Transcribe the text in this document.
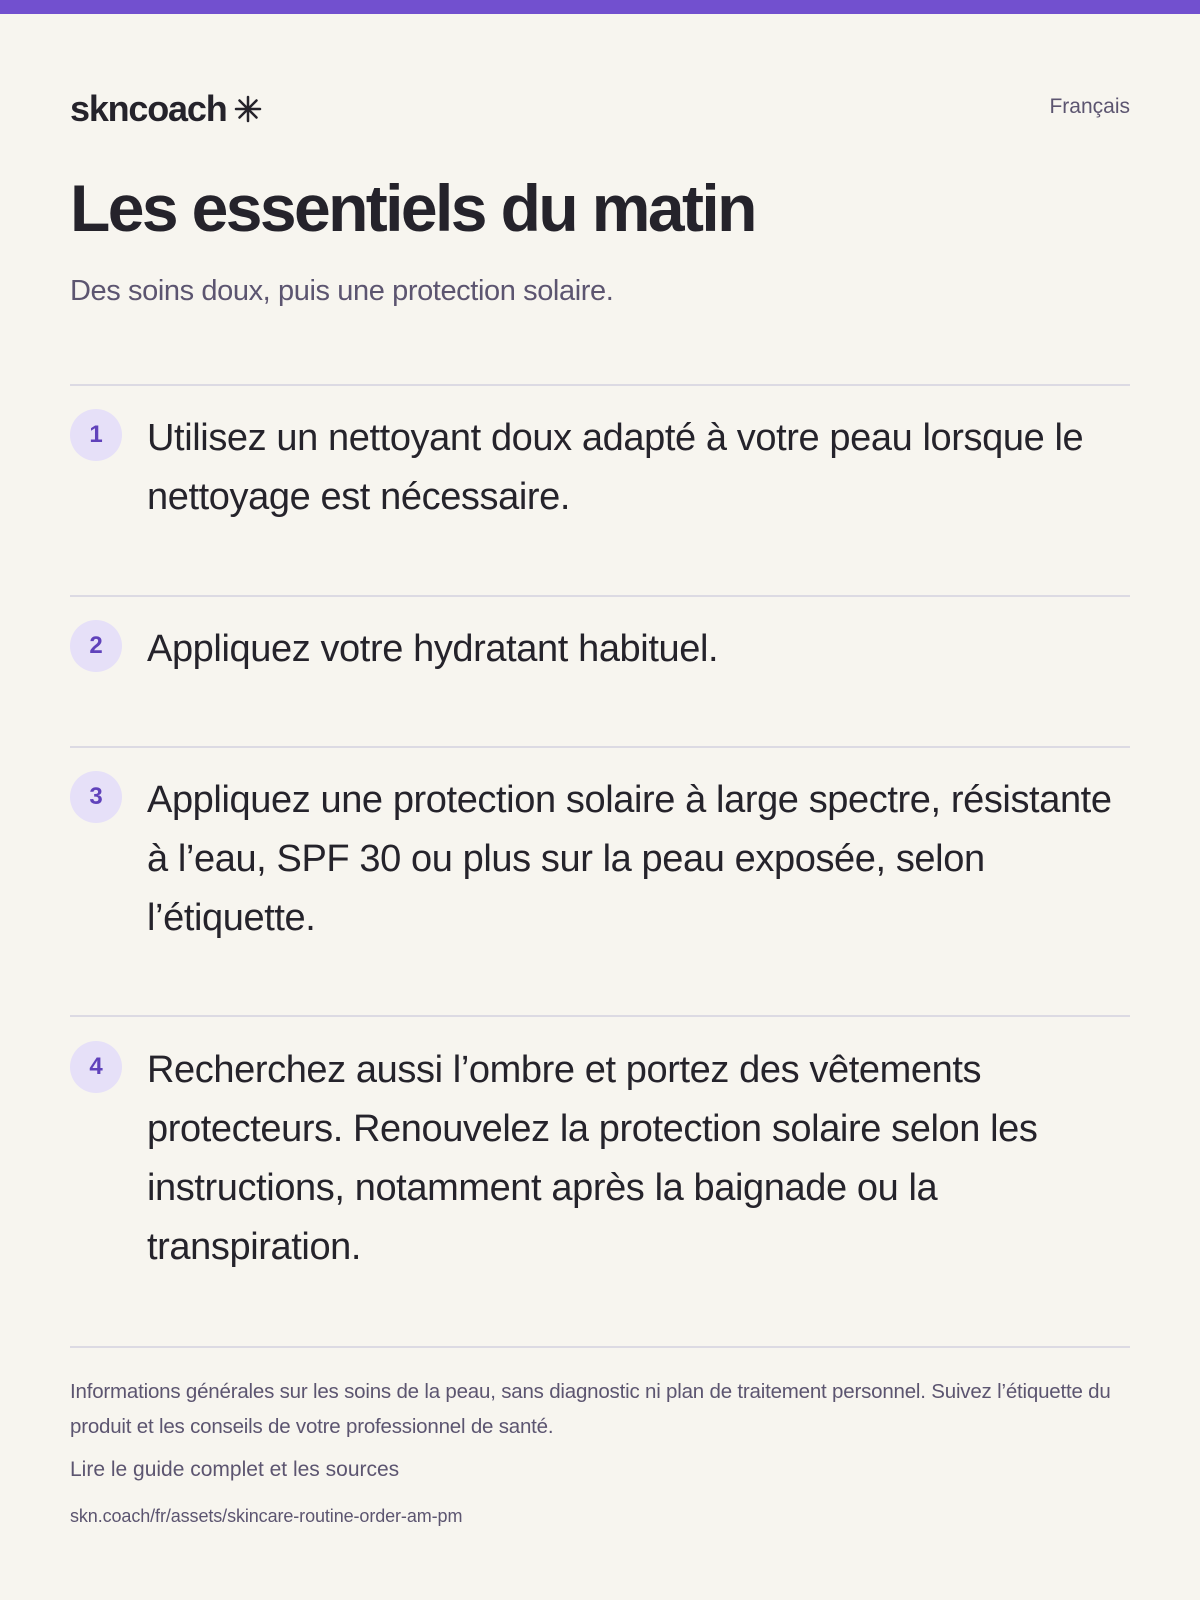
skncoach	Français
Les essentiels du matin
Des soins doux, puis une protection solaire.
1	Utilisez un nettoyant doux adapté à votre peau lorsque le nettoyage est nécessaire.
2	Appliquez votre hydratant habituel.
3	Appliquez une protection solaire à large spectre, résistante à l’eau, SPF 30 ou plus sur la peau exposée, selon l’étiquette.
4	Recherchez aussi l’ombre et portez des vêtements protecteurs. Renouvelez la protection solaire selon les instructions, notamment après la baignade ou la transpiration.
Informations générales sur les soins de la peau, sans diagnostic ni plan de traitement personnel. Suivez l’étiquette du produit et les conseils de votre professionnel de santé.
Lire le guide complet et les sources
skn.coach/fr/assets/skincare-routine-order-am-pm
